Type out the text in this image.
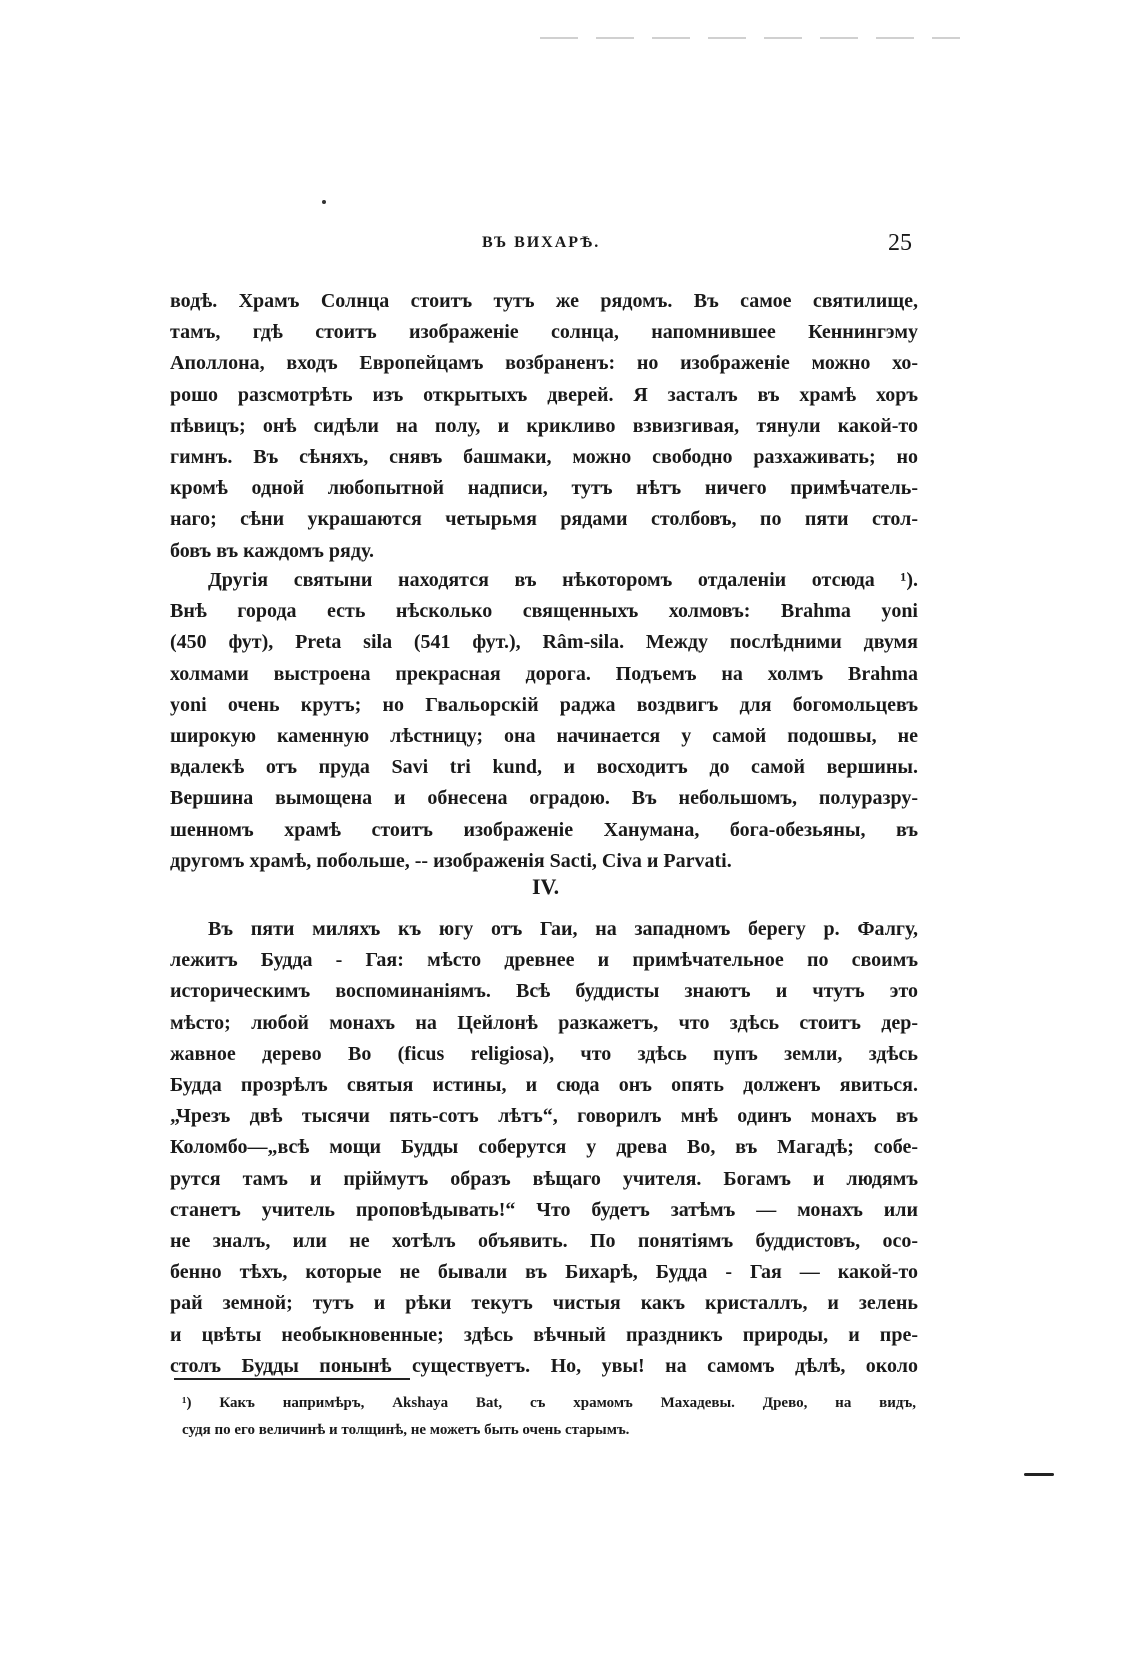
ВЪ ВИХАРѢ.	25

водѣ. Храмъ Солнца стоитъ тутъ же рядомъ. Въ самое святилище,

тамъ, гдѣ стоитъ изображеніе солнца, напомнившее Кеннингэму

Аполлона, входъ Европейцамъ возбраненъ: но изображеніе можно хо-

рошо разсмотрѣть изъ открытыхъ дверей. Я засталъ въ храмѣ хоръ

пѣвицъ; онѣ сидѣли на полу, и крикливо взвизгивая, тянули какой-то

гимнъ. Въ сѣняхъ, снявъ башмаки, можно свободно разхаживать; но

кромѣ одной любопытной надписи, тутъ нѣтъ ничего примѣчатель-

наго; сѣни украшаются четырьмя рядами столбовъ, по пяти стол-

бовъ въ каждомъ ряду.

Другія святыни находятся въ нѣкоторомъ отдаленіи отсюда ¹).

Внѣ города есть нѣсколько священныхъ холмовъ: Brahma yoni

(450 фут), Preta sila (541 фут.), Râm-sila. Между послѣдними двумя

холмами выстроена прекрасная дорога. Подъемъ на холмъ Brahma

yoni очень крутъ; но Гвальорскій раджа воздвигъ для богомольцевъ

широкую каменную лѣстницу; она начинается у самой подошвы, не

вдалекѣ отъ пруда Savi tri kund, и восходитъ до самой вершины.

Вершина вымощена и обнесена оградою. Въ небольшомъ, полуразру-

шенномъ храмѣ стоитъ изображеніе Ханумана, бога-обезьяны, въ

другомъ храмѣ, побольше, -- изображенія Sacti, Civa и Parvati.

IV.

Въ пяти миляхъ къ югу отъ Гаи, на западномъ берегу р. Фалгу,

лежитъ Будда - Гая: мѣсто древнее и примѣчательное по своимъ

историческимъ воспоминаніямъ. Всѣ буддисты знаютъ и чтутъ это

мѣсто; любой монахъ на Цейлонѣ разкажетъ, что здѣсь стоитъ дер-

жавное дерево Bo (ficus religiosa), что здѣсь пупъ земли, здѣсь

Будда прозрѣлъ святыя истины, и сюда онъ опять долженъ явиться.

„Чрезъ двѣ тысячи пять-сотъ лѣтъ“, говорилъ мнѣ одинъ монахъ въ

Коломбо—„всѣ мощи Будды соберутся у древа Bo, въ Магадѣ; собе-

рутся тамъ и пріймутъ образъ вѣщаго учителя. Богамъ и людямъ

станетъ учитель проповѣдывать!“ Что будетъ затѣмъ — монахъ или

не зналъ, или не хотѣлъ объявить. По понятіямъ буддистовъ, осо-

бенно тѣхъ, которые не бывали въ Бихарѣ, Будда - Гая — какой-то

рай земной; тутъ и рѣки текутъ чистыя какъ кристаллъ, и зелень

и цвѣты необыкновенные; здѣсь вѣчный праздникъ природы, и пре-

столъ Будды понынѣ существуетъ. Но, увы! на самомъ дѣлѣ, около

¹) Какъ напримѣръ, Akshaya Bat, съ храмомъ Махадевы. Древо, на видъ,

судя по его величинѣ и толщинѣ, не можетъ быть очень старымъ.
